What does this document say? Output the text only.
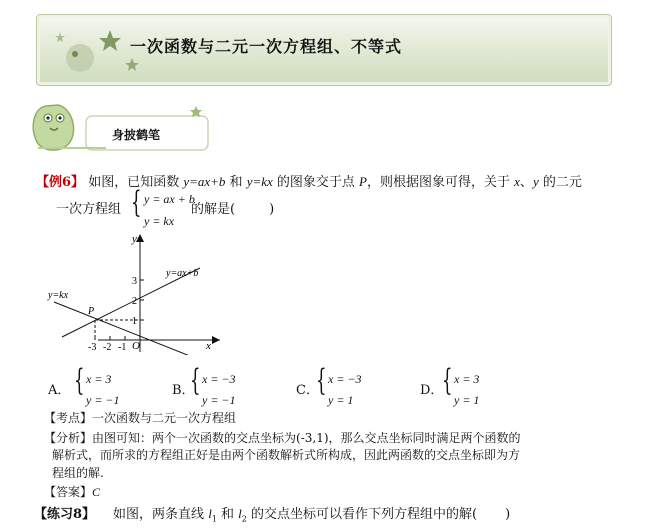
一次函数与二元一次方程组、不等式
身披鹤笔
【例6】 如图，已知函数 y=ax+b 和 y=kx 的图象交于点 P，则根据图象可得，关于 x、y 的二元
一次方程组 { y = ax + b
y = kx
的解是(	)
y
x
O
y=ax+b
y=kx
P
-3 -2 -1
3
2
1
A． { x = 3
y = −1
B．
{ x = −3
y = −1
C．
{ x = −3
y = 1
D．
{ x = 3
y = 1
【考点】一次函数与二元一次方程组
【分析】由图可知：两个一次函数的交点坐标为(-3,1)，那么交点坐标同时满足两个函数的
解析式，而所求的方程组正好是由两个函数解析式所构成，因此两函数的交点坐标即为方
程组的解.
【答案】C
【练习8】 如图，两条直线 $l_1$ 和 $l_2$ 的交点坐标可以看作下列方程组中的解( )
